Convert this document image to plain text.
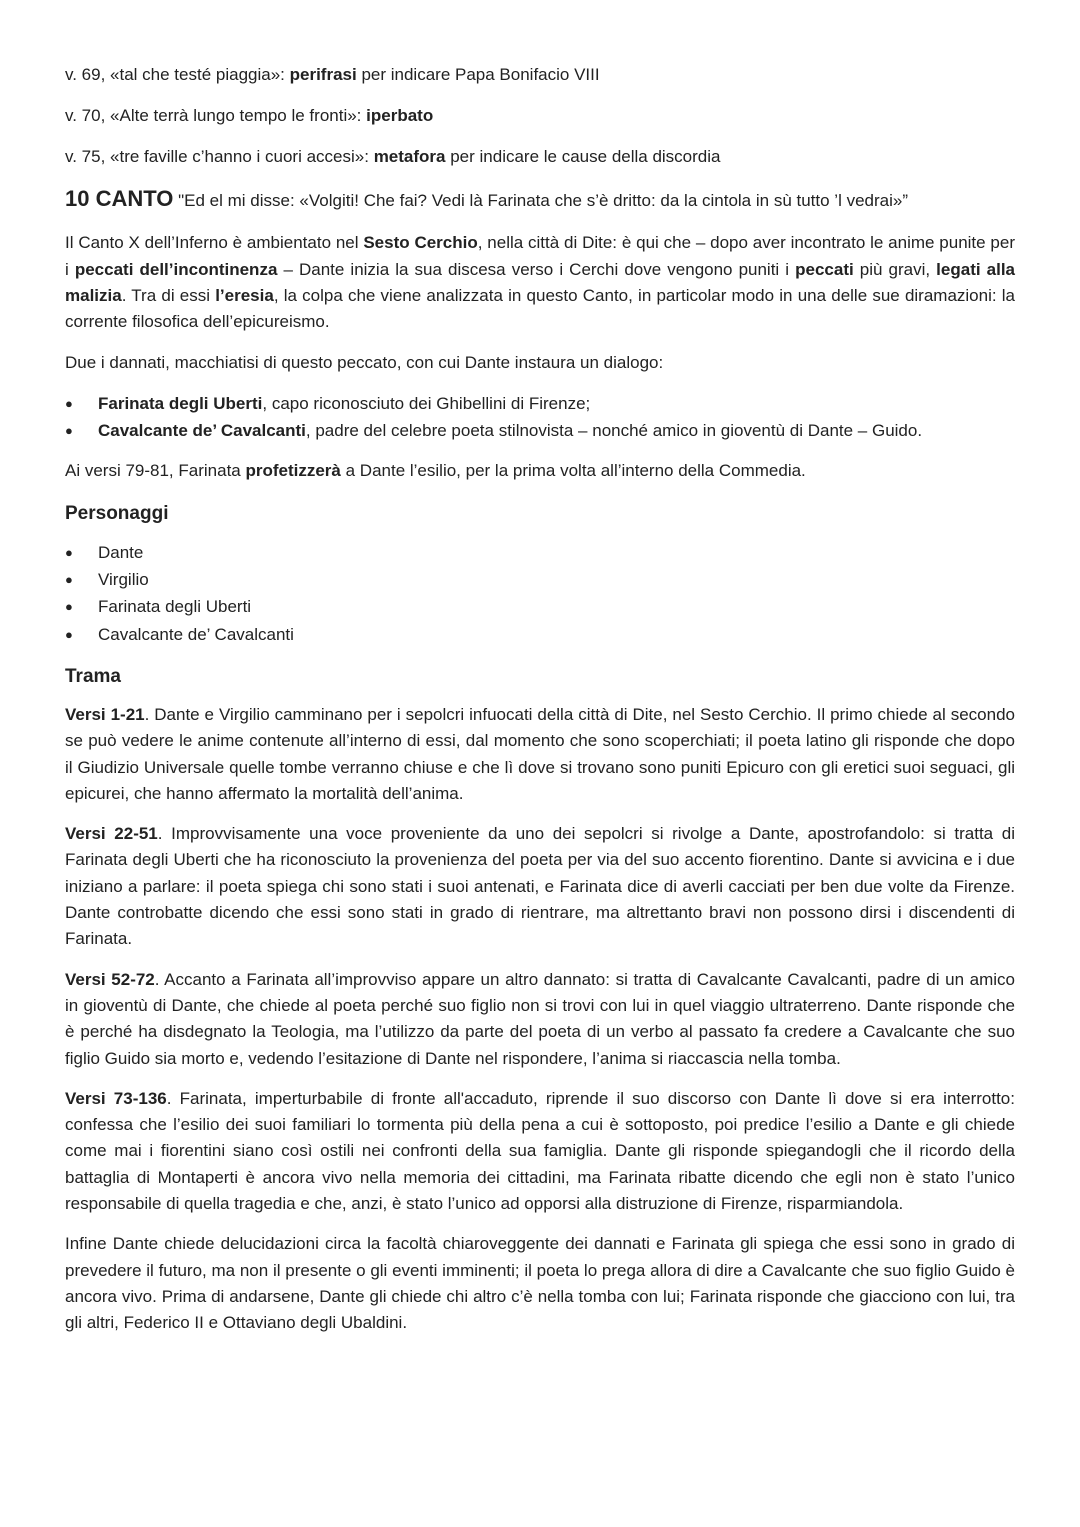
v. 69, «tal che testé piaggia»: perifrasi per indicare Papa Bonifacio VIII

v. 70, «Alte terrà lungo tempo le fronti»: iperbato

v. 75, «tre faville c’hanno i cuori accesi»: metafora per indicare le cause della discordia

10 CANTO "Ed el mi disse: «Volgiti! Che fai? Vedi là Farinata che s’è dritto: da la cintola in sù tutto ’l vedrai»”

Il Canto X dell’Inferno è ambientato nel Sesto Cerchio, nella città di Dite: è qui che – dopo aver incontrato le anime punite per i peccati dell’incontinenza – Dante inizia la sua discesa verso i Cerchi dove vengono puniti i peccati più gravi, legati alla malizia. Tra di essi l’eresia, la colpa che viene analizzata in questo Canto, in particolar modo in una delle sue diramazioni: la corrente filosofica dell’epicureismo.

Due i dannati, macchiatisi di questo peccato, con cui Dante instaura un dialogo:

● Farinata degli Uberti, capo riconosciuto dei Ghibellini di Firenze;
● Cavalcante de’ Cavalcanti, padre del celebre poeta stilnovista – nonché amico in gioventù di Dante – Guido.

Ai versi 79-81, Farinata profetizzerà a Dante l’esilio, per la prima volta all’interno della Commedia.

Personaggi
● Dante
● Virgilio
● Farinata degli Uberti
● Cavalcante de’ Cavalcanti
Trama

Versi 1-21. Dante e Virgilio camminano per i sepolcri infuocati della città di Dite, nel Sesto Cerchio. Il primo chiede al secondo se può vedere le anime contenute all’interno di essi, dal momento che sono scoperchiati; il poeta latino gli risponde che dopo il Giudizio Universale quelle tombe verranno chiuse e che lì dove si trovano sono puniti Epicuro con gli eretici suoi seguaci, gli epicurei, che hanno affermato la mortalità dell’anima.

Versi 22-51. Improvvisamente una voce proveniente da uno dei sepolcri si rivolge a Dante, apostrofandolo: si tratta di Farinata degli Uberti che ha riconosciuto la provenienza del poeta per via del suo accento fiorentino. Dante si avvicina e i due iniziano a parlare: il poeta spiega chi sono stati i suoi antenati, e Farinata dice di averli cacciati per ben due volte da Firenze. Dante controbatte dicendo che essi sono stati in grado di rientrare, ma altrettanto bravi non possono dirsi i discendenti di Farinata.

Versi 52-72. Accanto a Farinata all’improvviso appare un altro dannato: si tratta di Cavalcante Cavalcanti, padre di un amico in gioventù di Dante, che chiede al poeta perché suo figlio non si trovi con lui in quel viaggio ultraterreno. Dante risponde che è perché ha disdegnato la Teologia, ma l’utilizzo da parte del poeta di un verbo al passato fa credere a Cavalcante che suo figlio Guido sia morto e, vedendo l’esitazione di Dante nel rispondere, l’anima si riaccascia nella tomba.

Versi 73-136. Farinata, imperturbabile di fronte all'accaduto, riprende il suo discorso con Dante lì dove si era interrotto: confessa che l’esilio dei suoi familiari lo tormenta più della pena a cui è sottoposto, poi predice l’esilio a Dante e gli chiede come mai i fiorentini siano così ostili nei confronti della sua famiglia. Dante gli risponde spiegandogli che il ricordo della battaglia di Montaperti è ancora vivo nella memoria dei cittadini, ma Farinata ribatte dicendo che egli non è stato l’unico responsabile di quella tragedia e che, anzi, è stato l’unico ad opporsi alla distruzione di Firenze, risparmiandola.

Infine Dante chiede delucidazioni circa la facoltà chiaroveggente dei dannati e Farinata gli spiega che essi sono in grado di prevedere il futuro, ma non il presente o gli eventi imminenti; il poeta lo prega allora di dire a Cavalcante che suo figlio Guido è ancora vivo. Prima di andarsene, Dante gli chiede chi altro c’è nella tomba con lui; Farinata risponde che giacciono con lui, tra gli altri, Federico II e Ottaviano degli Ubaldini.
